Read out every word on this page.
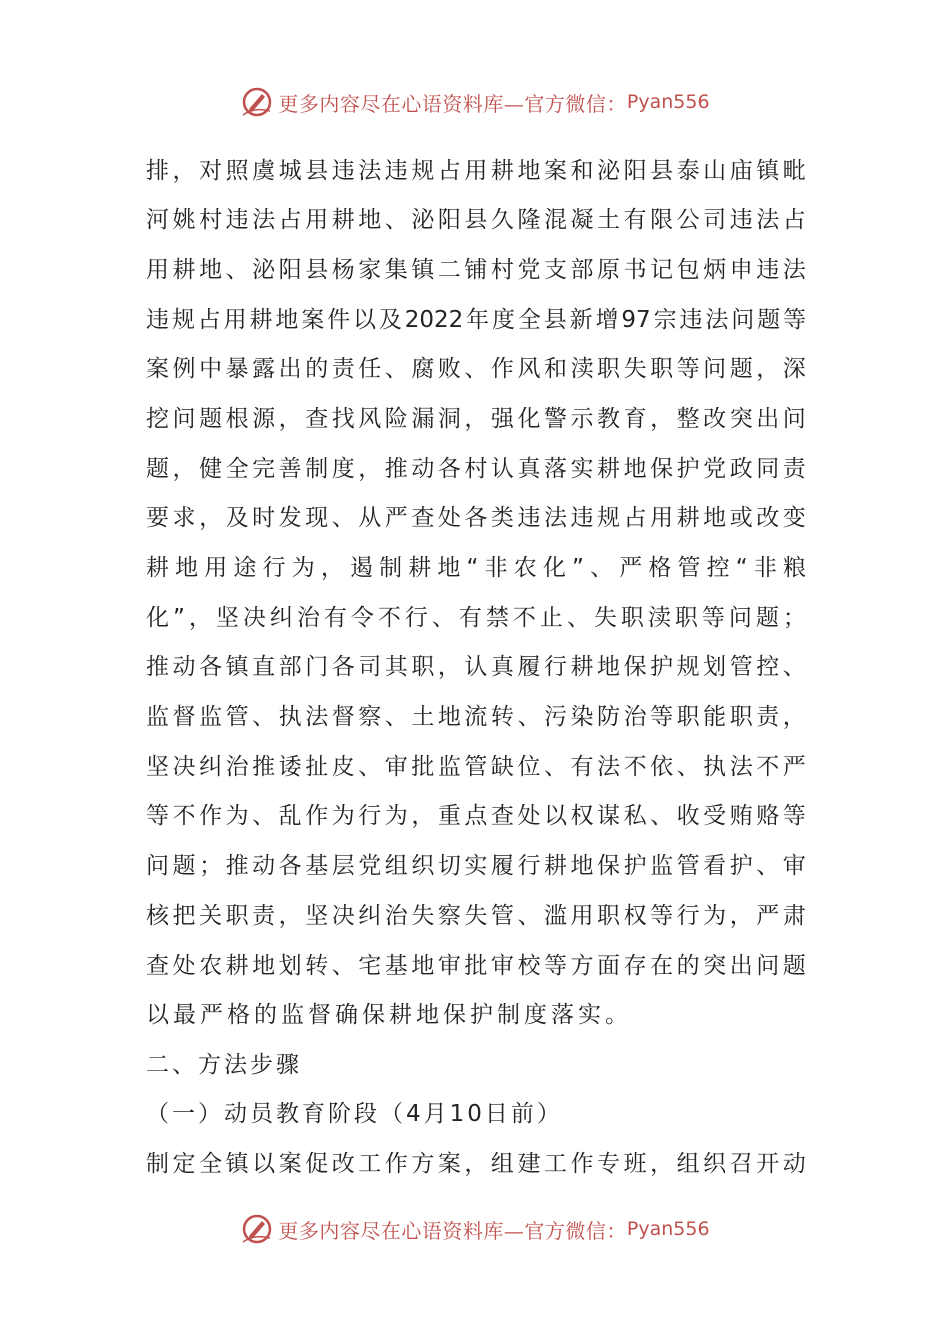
更多内容尽在心语资料库—官方微信： Pyan556
排 ， 对 照 虞 城 县 违 法 违 规 占 用 耕 地 案 和 泌 阳 县 泰 山 庙 镇 毗
河 姚 村 违 法 占 用 耕 地 、 泌 阳 县 久 隆 混 凝 土 有 限 公 司 违 法 占
用 耕 地 、 泌 阳 县 杨 家 集 镇 二 铺 村 党 支 部 原 书 记 包 炳 申 违 法
违 规 占 用 耕 地 案 件 以 及 2022 年 度 全 县 新 增 97 宗 违 法 问 题 等
案 例 中 暴 露 出 的 责 任 、 腐 败 、 作 风 和 渎 职 失 职 等 问 题 ， 深
挖 问 题 根 源 ， 查 找 风 险 漏 洞 ， 强 化 警 示 教 育 ， 整 改 突 出 问
题 ， 健 全 完 善 制 度 ， 推 动 各 村 认 真 落 实 耕 地 保 护 党 政 同 责
要 求 ， 及 时 发 现 、 从 严 查 处 各 类 违 法 违 规 占 用 耕 地 或 改 变
耕 地 用 途 行 为 ， 遏 制 耕 地 “ 非 农 化 ” 、 严 格 管 控 “ 非 粮
化 ” ， 坚 决 纠 治 有 令 不 行 、 有 禁 不 止 、 失 职 渎 职 等 问 题 ；
推 动 各 镇 直 部 门 各 司 其 职 ， 认 真 履 行 耕 地 保 护 规 划 管 控 、
监 督 监 管 、 执 法 督 察 、 土 地 流 转 、 污 染 防 治 等 职 能 职 责 ，
坚 决 纠 治 推 诿 扯 皮 、 审 批 监 管 缺 位 、 有 法 不 依 、 执 法 不 严
等 不 作 为 、 乱 作 为 行 为 ， 重 点 查 处 以 权 谋 私 、 收 受 贿 赂 等
问 题 ； 推 动 各 基 层 党 组 织 切 实 履 行 耕 地 保 护 监 管 看 护 、 审
核 把 关 职 责 ， 坚 决 纠 治 失 察 失 管 、 滥 用 职 权 等 行 为 ， 严 肃
查 处 农 耕 地 划 转 、 宅 基 地 审 批 审 校 等 方 面 存 在 的 突 出 问 题
以最严格的监督确保耕地保护制度落实。
二、方法步骤
（一）动员教育阶段（4月10日前）
制 定 全 镇 以 案 促 改 工 作 方 案 ， 组 建 工 作 专 班 ， 组 织 召 开 动
更多内容尽在心语资料库—官方微信： Pyan556
